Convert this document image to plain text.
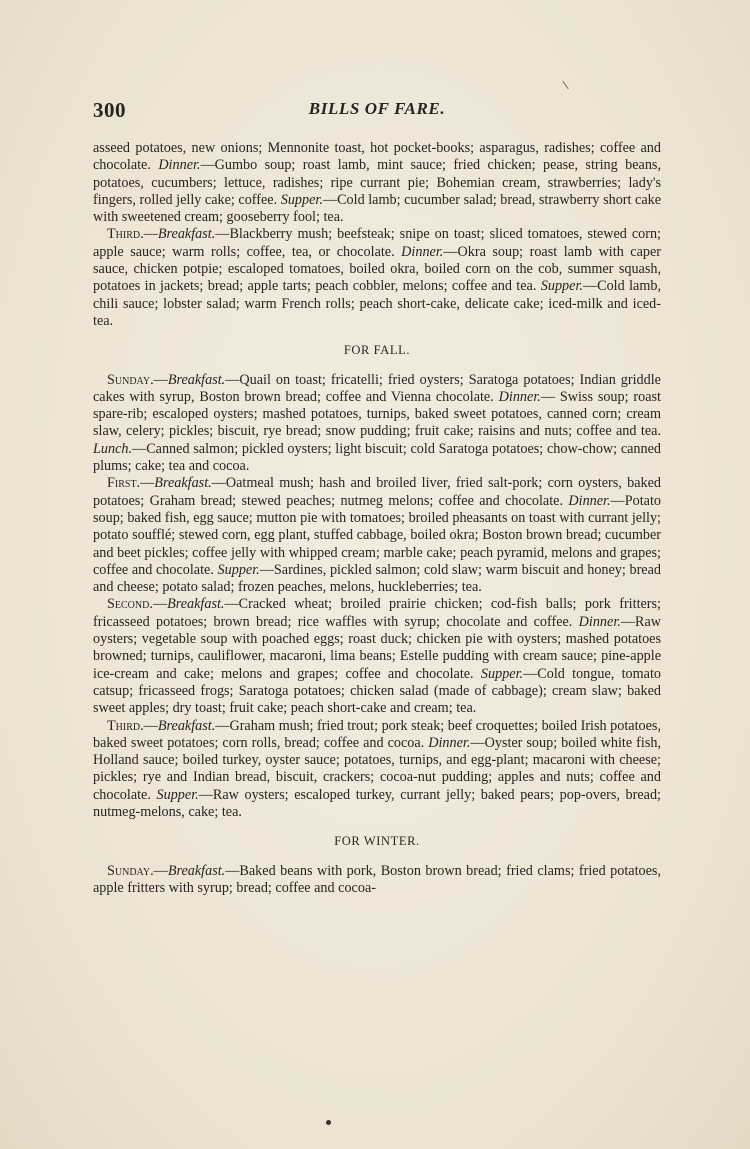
300	BILLS OF FARE.

asseed potatoes, new onions; Mennonite toast, hot pocket-books; asparagus, radishes; coffee and chocolate. Dinner.—Gumbo soup; roast lamb, mint sauce; fried chicken; pease, string beans, potatoes, cucumbers; lettuce, radishes; ripe currant pie; Bohemian cream, strawberries; lady's fingers, rolled jelly cake; coffee. Supper.—Cold lamb; cucumber salad; bread, strawberry short cake with sweetened cream; gooseberry fool; tea.

Third.—Breakfast.—Blackberry mush; beefsteak; snipe on toast; sliced tomatoes, stewed corn; apple sauce; warm rolls; coffee, tea, or chocolate. Dinner.—Okra soup; roast lamb with caper sauce, chicken potpie; escaloped tomatoes, boiled okra, boiled corn on the cob, summer squash, potatoes in jackets; bread; apple tarts; peach cobbler, melons; coffee and tea. Supper.—Cold lamb, chili sauce; lobster salad; warm French rolls; peach short-cake, delicate cake; iced-milk and iced-tea.

FOR FALL.

Sunday.—Breakfast.—Quail on toast; fricatelli; fried oysters; Saratoga potatoes; Indian griddle cakes with syrup, Boston brown bread; coffee and Vienna chocolate. Dinner.— Swiss soup; roast spare-rib; escaloped oysters; mashed potatoes, turnips, baked sweet potatoes, canned corn; cream slaw, celery; pickles; biscuit, rye bread; snow pudding; fruit cake; raisins and nuts; coffee and tea. Lunch.—Canned salmon; pickled oysters; light biscuit; cold Saratoga potatoes; chow-chow; canned plums; cake; tea and cocoa.

First.—Breakfast.—Oatmeal mush; hash and broiled liver, fried salt-pork; corn oysters, baked potatoes; Graham bread; stewed peaches; nutmeg melons; coffee and chocolate. Dinner.—Potato soup; baked fish, egg sauce; mutton pie with tomatoes; broiled pheasants on toast with currant jelly; potato soufflé; stewed corn, egg plant, stuffed cabbage, boiled okra; Boston brown bread; cucumber and beet pickles; coffee jelly with whipped cream; marble cake; peach pyramid, melons and grapes; coffee and chocolate. Supper.—Sardines, pickled salmon; cold slaw; warm biscuit and honey; bread and cheese; potato salad; frozen peaches, melons, huckleberries; tea.

Second.—Breakfast.—Cracked wheat; broiled prairie chicken; cod-fish balls; pork fritters; fricasseed potatoes; brown bread; rice waffles with syrup; chocolate and coffee. Dinner.—Raw oysters; vegetable soup with poached eggs; roast duck; chicken pie with oysters; mashed potatoes browned; turnips, cauliflower, macaroni, lima beans; Estelle pudding with cream sauce; pine-apple ice-cream and cake; melons and grapes; coffee and chocolate. Supper.—Cold tongue, tomato catsup; fricasseed frogs; Saratoga potatoes; chicken salad (made of cabbage); cream slaw; baked sweet apples; dry toast; fruit cake; peach short-cake and cream; tea.

Third.—Breakfast.—Graham mush; fried trout; pork steak; beef croquettes; boiled Irish potatoes, baked sweet potatoes; corn rolls, bread; coffee and cocoa. Dinner.—Oyster soup; boiled white fish, Holland sauce; boiled turkey, oyster sauce; potatoes, turnips, and egg-plant; macaroni with cheese; pickles; rye and Indian bread, biscuit, crackers; cocoa-nut pudding; apples and nuts; coffee and chocolate. Supper.—Raw oysters; escaloped turkey, currant jelly; baked pears; pop-overs, bread; nutmeg-melons, cake; tea.

FOR WINTER.

Sunday.—Breakfast.—Baked beans with pork, Boston brown bread; fried clams; fried potatoes, apple fritters with syrup; bread; coffee and cocoa-
